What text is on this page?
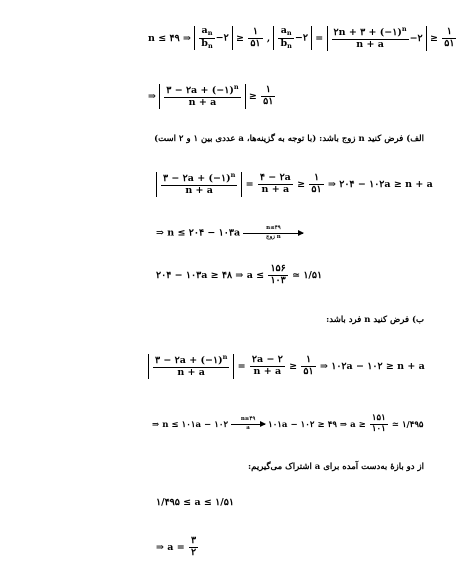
n ≤ ۴۹ ⇒ $\frac{a_n}{b_n}$ −۲ ≥ $\frac{۱}{۵۱}$ , $\frac{a_n}{b_n}$ −۲ = $\frac{۲n + ۳ + (-۱)^n}{n + a}$ −۲ ≥ $\frac{۱}{۵۱}$
⇒ $\frac{۳ - ۲a + (-۱)^n}{n + a} \ge \frac{۱}{۵۱}$
الف) فرض کنید n زوج باشد: (با توجه به گزینه‌ها، a عددی بین ۱ و ۲ است)
$\frac{۳ - ۲a + (-۱)^n}{n + a} = \frac{۴ - ۲a}{n + a} \ge \frac{۱}{۵۱}$ ⇒ ۲۰۴ − ۱۰۲a ≥ n + a
⇒ n ≤ ۲۰۴ − ۱۰۳a	n≤۴۹
زوج n
۲۰۴ − ۱۰۳a ≥ ۴۸ ⇒ $a \le \frac{۱۵۶}{۱۰۳}$ ≃ ۱/۵۱
ب) فرض کنید n فرد باشد:
$\frac{۳ - ۲a + (-۱)^n}{n + a} = \frac{۲a - ۲}{n + a} \ge \frac{۱}{۵۱}$ ⇒ ۱۰۲a − ۱۰۲ ≥ n + a
⇒ n ≤ ۱۰۱a − ۱۰۲ $\frac{n\ge ۴۹}{a}$ ۱۰۱a − ۱۰۲ ≥ ۴۹ ⇒ $a \ge \frac{۱۵۱}{۱۰۱}$ ≃ ۱/۴۹۵
از دو بازهٔ به‌دست آمده برای a اشتراک می‌گیریم:
۱/۴۹۵ ≤ a ≤ ۱/۵۱
⇒ $a = \frac{۳}{۲}$
